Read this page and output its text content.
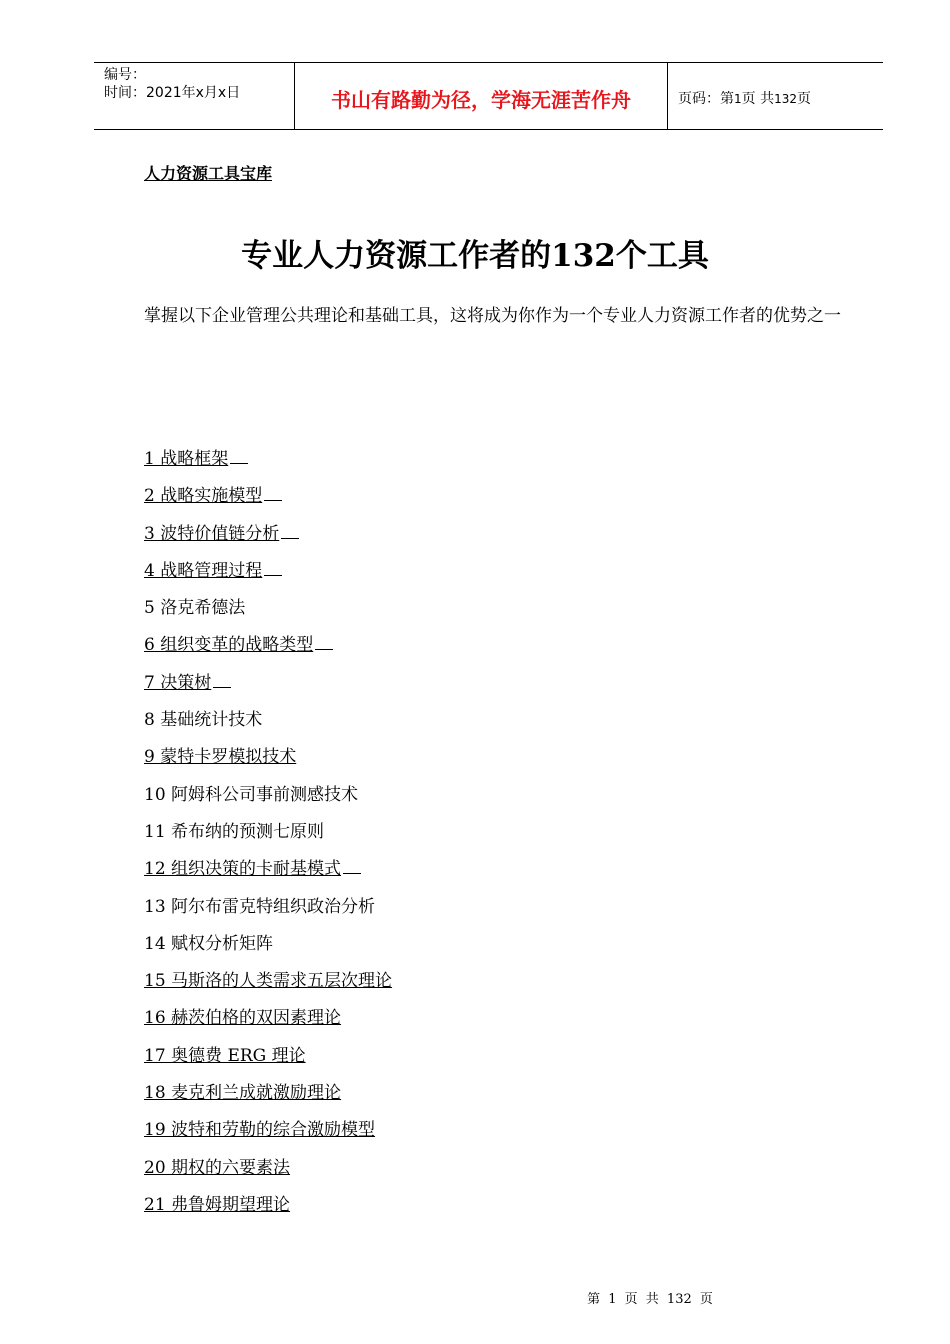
编号：
时间：2021年x月x日	书山有路勤为径，学海无涯苦作舟	页码：第1页 共132页
人力资源工具宝库
专业人力资源工作者的132个工具

掌握以下企业管理公共理论和基础工具，这将成为你作为一个专业人力资源工作者的优势之一

1 战略框架
2 战略实施模型
3 波特价值链分析
4 战略管理过程
5 洛克希德法
6 组织变革的战略类型
7 决策树
8 基础统计技术
9 蒙特卡罗模拟技术
10 阿姆科公司事前测感技术
11 希布纳的预测七原则
12 组织决策的卡耐基模式
13 阿尔布雷克特组织政治分析
14 赋权分析矩阵
15 马斯洛的人类需求五层次理论
16 赫茨伯格的双因素理论
17 奥德费 ERG 理论
18 麦克利兰成就激励理论
19 波特和劳勒的综合激励模型
20 期权的六要素法
21 弗鲁姆期望理论
第 1 页 共 132 页
